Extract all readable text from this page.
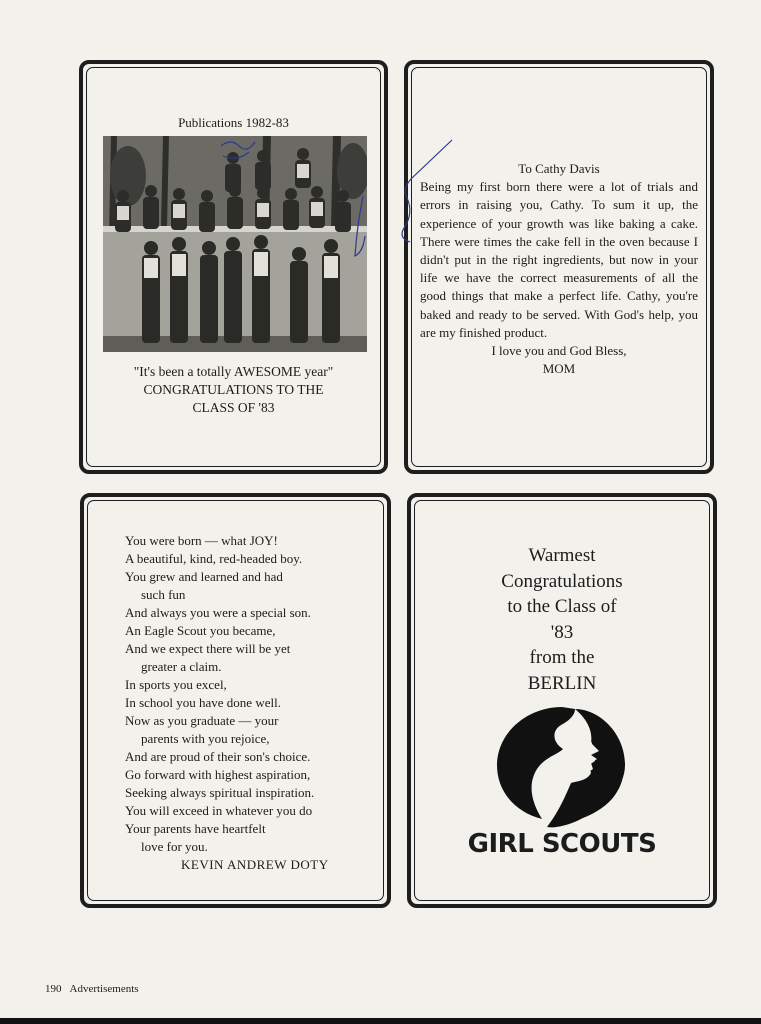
Publications 1982-83
"It's been a totally AWESOME year"
CONGRATULATIONS TO THE
CLASS OF '83
To Cathy Davis

Being my first born there were a lot of trials and errors in raising you, Cathy. To sum it up, the experience of your growth was like baking a cake. There were times the cake fell in the oven because I didn't put in the right ingredients, but now in your life we have the correct measurements of all the good things that make a perfect life. Cathy, you're baked and ready to be served. With God's help, you are my finished product.

I love you and God Bless,
MOM
You were born — what JOY!
A beautiful, kind, red-headed boy.
You grew and learned and had
such fun
And always you were a special son.
An Eagle Scout you became,
And we expect there will be yet
greater a claim.
In sports you excel,
In school you have done well.
Now as you graduate — your
parents with you rejoice,
And are proud of their son's choice.
Go forward with highest aspiration,
Seeking always spiritual inspiration.
You will exceed in whatever you do
Your parents have heartfelt
love for you.
KEVIN ANDREW DOTY
Warmest
Congratulations
to the Class of
'83
from the
BERLIN
GIRL SCOUTS
190 Advertisements
